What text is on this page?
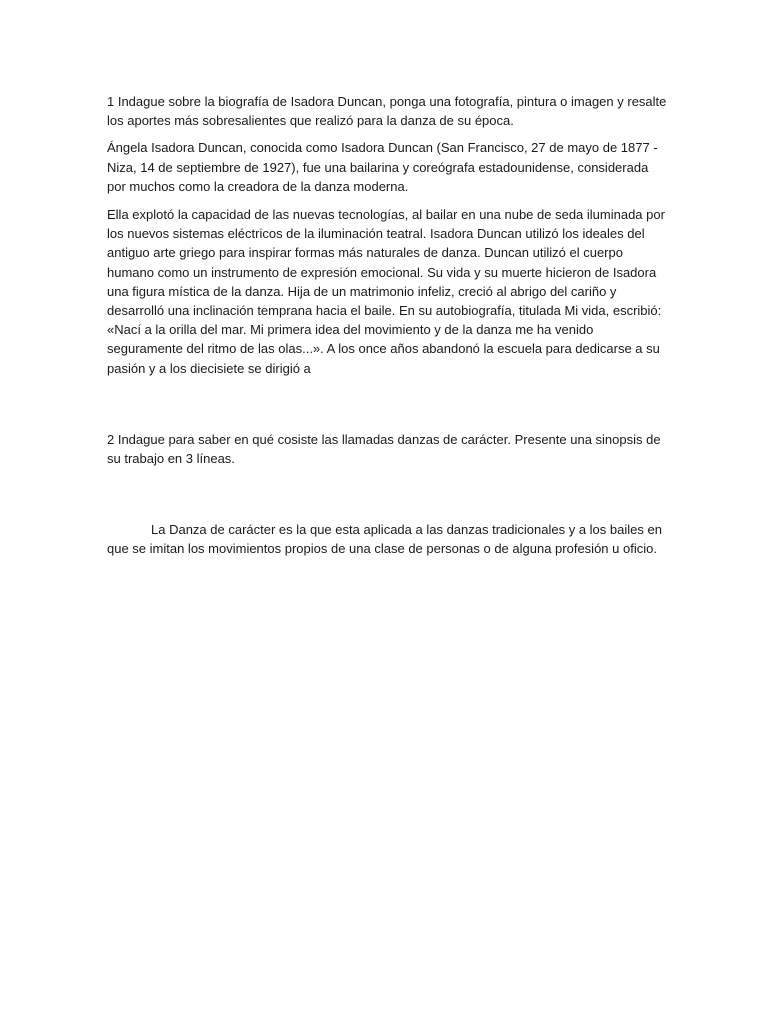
1 Indague sobre la biografía de Isadora Duncan, ponga una fotografía, pintura o imagen y resalte los aportes más sobresalientes que realizó para la danza de su época.

Ángela Isadora Duncan, conocida como Isadora Duncan (San Francisco, 27 de mayo de 1877 - Niza, 14 de septiembre de 1927), fue una bailarina y coreógrafa estadounidense, considerada por muchos como la creadora de la danza moderna.

Ella explotó la capacidad de las nuevas tecnologías, al bailar en una nube de seda iluminada por los nuevos sistemas eléctricos de la iluminación teatral. Isadora Duncan utilizó los ideales del antiguo arte griego para inspirar formas más naturales de danza. Duncan utilizó el cuerpo humano como un instrumento de expresión emocional. Su vida y su muerte hicieron de Isadora una figura mística de la danza. Hija de un matrimonio infeliz, creció al abrigo del cariño y desarrolló una inclinación temprana hacia el baile. En su autobiografía, titulada Mi vida, escribió: «Nací a la orilla del mar. Mi primera idea del movimiento y de la danza me ha venido seguramente del ritmo de las olas...». A los once años abandonó la escuela para dedicarse a su pasión y a los diecisiete se dirigió a

2 Indague para saber en qué cosiste las llamadas danzas de carácter. Presente una sinopsis de su trabajo en 3 líneas.

La Danza de carácter es la que esta aplicada a las danzas tradicionales y a los bailes en que se imitan los movimientos propios de una clase de personas o de alguna profesión u oficio.
